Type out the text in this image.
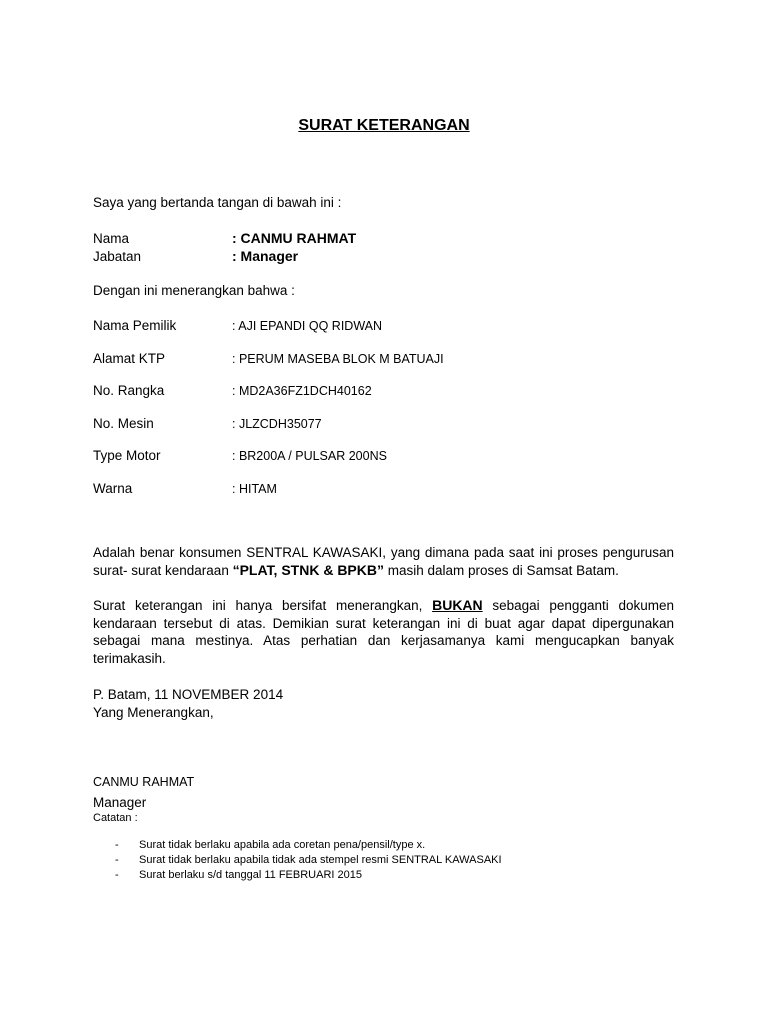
SURAT KETERANGAN
Saya yang bertanda tangan di bawah ini :
Nama	: CANMU RAHMAT
Jabatan	: Manager
Dengan ini menerangkan bahwa :
Nama Pemilik	: AJI EPANDI QQ RIDWAN
Alamat KTP	: PERUM MASEBA BLOK M BATUAJI
No. Rangka	: MD2A36FZ1DCH40162
No. Mesin	: JLZCDH35077
Type Motor	: BR200A / PULSAR 200NS
Warna	: HITAM
Adalah benar konsumen SENTRAL KAWASAKI, yang dimana pada saat ini proses pengurusan surat- surat kendaraan “PLAT, STNK & BPKB” masih dalam proses di Samsat Batam.
Surat keterangan ini hanya bersifat menerangkan, BUKAN sebagai pengganti dokumen kendaraan tersebut di atas. Demikian surat keterangan ini di buat agar dapat dipergunakan sebagai mana mestinya. Atas perhatian dan kerjasamanya kami mengucapkan banyak terimakasih.
P. Batam, 11 NOVEMBER 2014
Yang Menerangkan,
CANMU RAHMAT
Manager
Catatan :
- Surat tidak berlaku apabila ada coretan pena/pensil/type x.
- Surat tidak berlaku apabila tidak ada stempel resmi SENTRAL KAWASAKI
- Surat berlaku s/d tanggal 11 FEBRUARI 2015
